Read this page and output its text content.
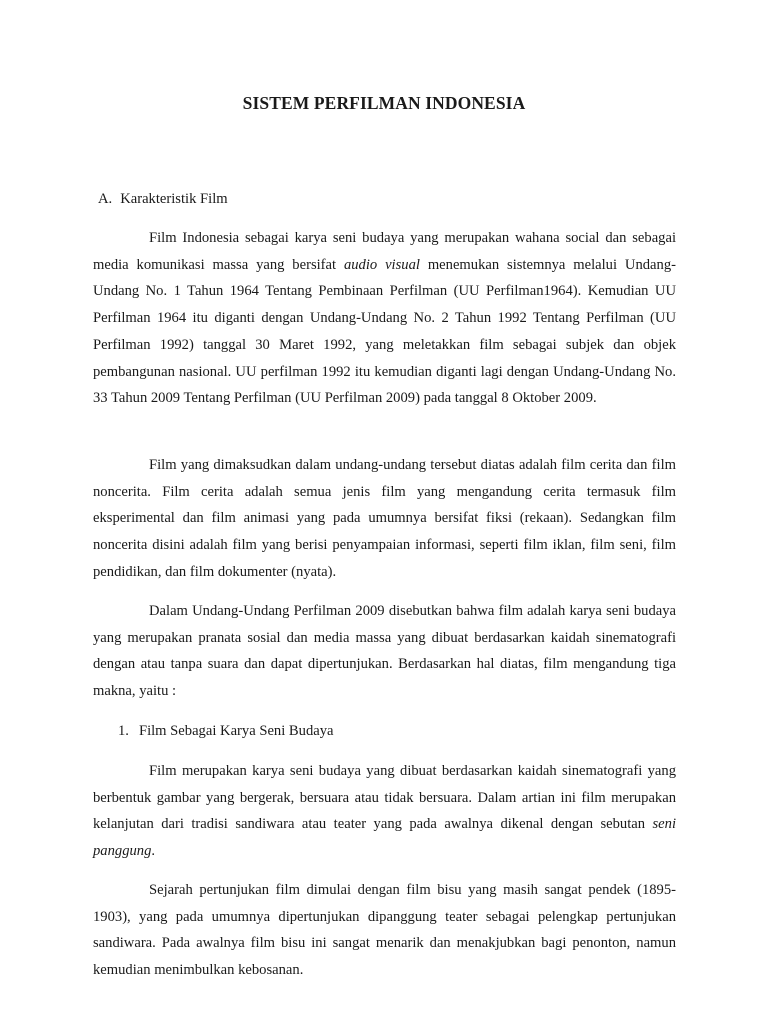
SISTEM PERFILMAN INDONESIA
A. Karakteristik Film

Film Indonesia sebagai karya seni budaya yang merupakan wahana social dan sebagai media komunikasi massa yang bersifat audio visual menemukan sistemnya melalui Undang-Undang No. 1 Tahun 1964 Tentang Pembinaan Perfilman (UU Perfilman1964). Kemudian UU Perfilman 1964 itu diganti dengan Undang-Undang No. 2 Tahun 1992 Tentang Perfilman (UU Perfilman 1992) tanggal 30 Maret 1992, yang meletakkan film sebagai subjek dan objek pembangunan nasional. UU perfilman 1992 itu kemudian diganti lagi dengan Undang-Undang No. 33 Tahun 2009 Tentang Perfilman (UU Perfilman 2009) pada tanggal 8 Oktober 2009.

Film yang dimaksudkan dalam undang-undang tersebut diatas adalah film cerita dan film noncerita. Film cerita adalah semua jenis film yang mengandung cerita termasuk film eksperimental dan film animasi yang pada umumnya bersifat fiksi (rekaan). Sedangkan film noncerita disini adalah film yang berisi penyampaian informasi, seperti film iklan, film seni, film pendidikan, dan film dokumenter (nyata).

Dalam Undang-Undang Perfilman 2009 disebutkan bahwa film adalah karya seni budaya yang merupakan pranata sosial dan media massa yang dibuat berdasarkan kaidah sinematografi dengan atau tanpa suara dan dapat dipertunjukan. Berdasarkan hal diatas, film mengandung tiga makna, yaitu :

1. Film Sebagai Karya Seni Budaya

Film merupakan karya seni budaya yang dibuat berdasarkan kaidah sinematografi yang berbentuk gambar yang bergerak, bersuara atau tidak bersuara. Dalam artian ini film merupakan kelanjutan dari tradisi sandiwara atau teater yang pada awalnya dikenal dengan sebutan seni panggung.

Sejarah pertunjukan film dimulai dengan film bisu yang masih sangat pendek (1895-1903), yang pada umumnya dipertunjukan dipanggung teater sebagai pelengkap pertunjukan sandiwara. Pada awalnya film bisu ini sangat menarik dan menakjubkan bagi penonton, namun kemudian menimbulkan kebosanan.
